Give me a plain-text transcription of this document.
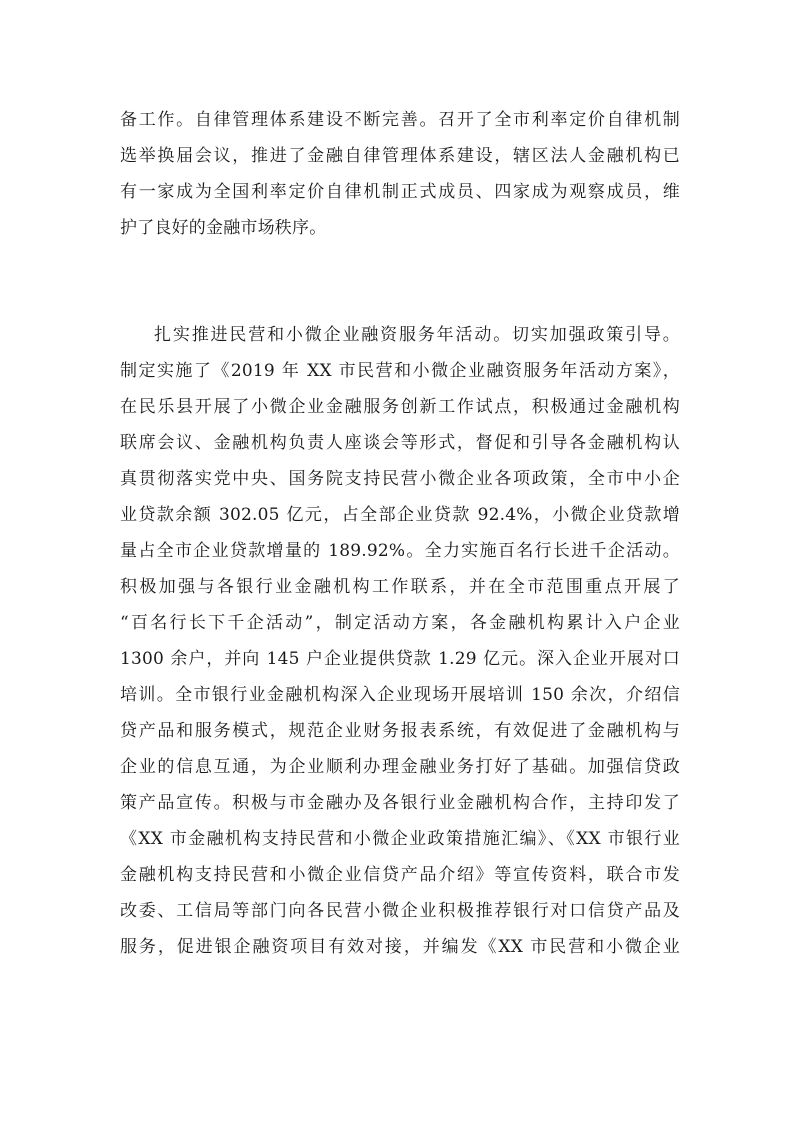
备工作。自律管理体系建设不断完善。召开了全市利率定价自律机制
选举换届会议，推进了金融自律管理体系建设，辖区法人金融机构已
有一家成为全国利率定价自律机制正式成员、四家成为观察成员，维
护了良好的金融市场秩序。
扎实推进民营和小微企业融资服务年活动。切实加强政策引导。
制定实施了《2019 年 XX 市民营和小微企业融资服务年活动方案》，
在民乐县开展了小微企业金融服务创新工作试点，积极通过金融机构
联席会议、金融机构负责人座谈会等形式，督促和引导各金融机构认
真贯彻落实党中央、国务院支持民营小微企业各项政策，全市中小企
业贷款余额 302.05 亿元，占全部企业贷款 92.4%，小微企业贷款增
量占全市企业贷款增量的 189.92%。全力实施百名行长进千企活动。
积极加强与各银行业金融机构工作联系，并在全市范围重点开展了
“百名行长下千企活动”，制定活动方案，各金融机构累计入户企业
1300 余户，并向 145 户企业提供贷款 1.29 亿元。深入企业开展对口
培训。全市银行业金融机构深入企业现场开展培训 150 余次，介绍信
贷产品和服务模式，规范企业财务报表系统，有效促进了金融机构与
企业的信息互通，为企业顺利办理金融业务打好了基础。加强信贷政
策产品宣传。积极与市金融办及各银行业金融机构合作，主持印发了
《XX 市金融机构支持民营和小微企业政策措施汇编》、《XX 市银行业
金融机构支持民营和小微企业信贷产品介绍》等宣传资料，联合市发
改委、工信局等部门向各民营小微企业积极推荐银行对口信贷产品及
服务，促进银企融资项目有效对接，并编发《XX 市民营和小微企业
